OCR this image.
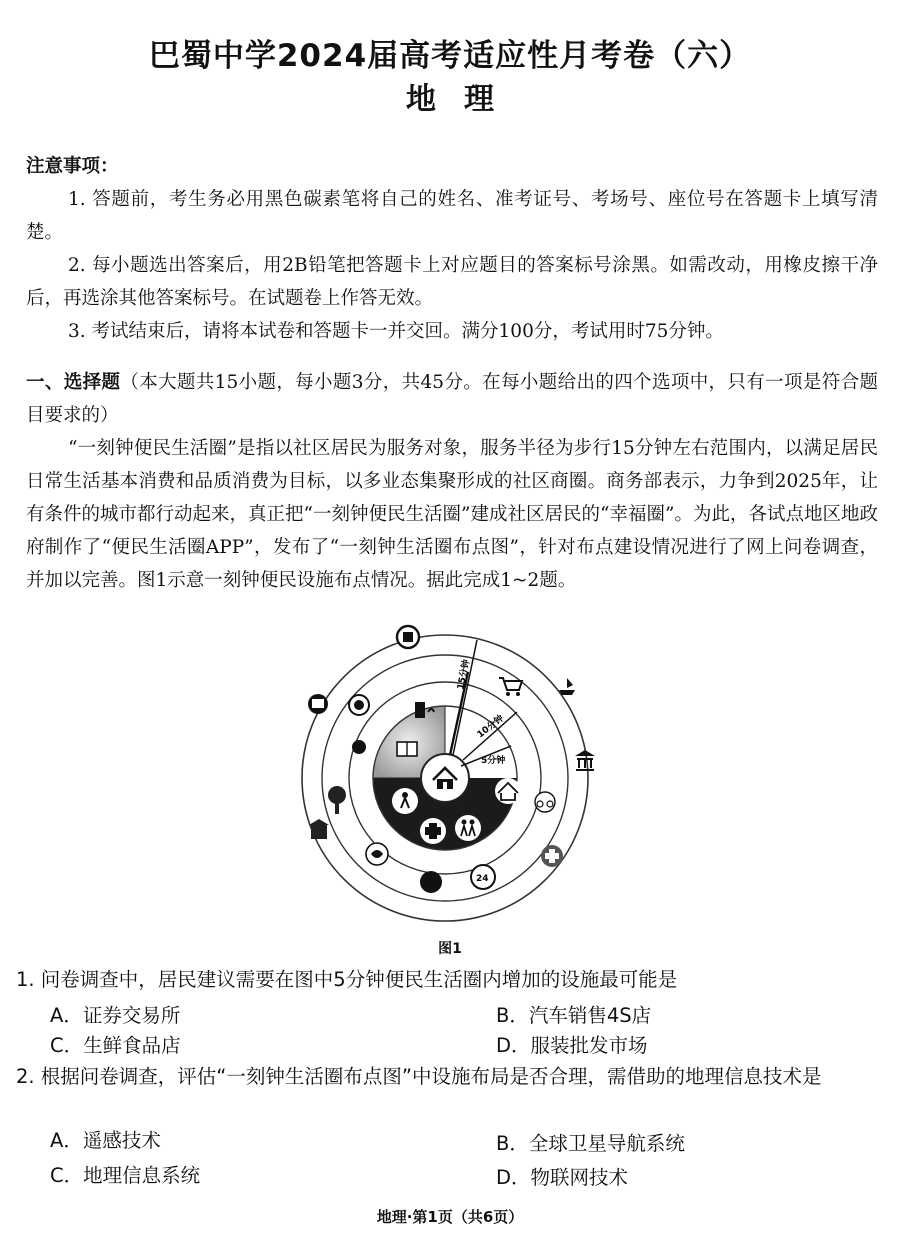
巴蜀中学2024届高考适应性月考卷（六）
地理
注意事项：
1. 答题前，考生务必用黑色碳素笔将自己的姓名、准考证号、考场号、座位号在答题卡上填写清楚。
2. 每小题选出答案后，用2B铅笔把答题卡上对应题目的答案标号涂黑。如需改动，用橡皮擦干净后，再选涂其他答案标号。在试题卷上作答无效。
3. 考试结束后，请将本试卷和答题卡一并交回。满分100分，考试用时75分钟。
一、选择题（本大题共15小题，每小题3分，共45分。在每小题给出的四个选项中，只有一项是符合题目要求的）
“一刻钟便民生活圈”是指以社区居民为服务对象，服务半径为步行15分钟左右范围内，以满足居民日常生活基本消费和品质消费为目标，以多业态集聚形成的社区商圈。商务部表示，力争到2025年，让有条件的城市都行动起来，真正把“一刻钟便民生活圈”建成社区居民的“幸福圈”。为此，各试点地区地政府制作了“便民生活圈APP”，发布了“一刻钟生活圈布点图”，针对布点建设情况进行了网上问卷调查，并加以完善。图1示意一刻钟便民设施布点情况。据此完成1~2题。
5分钟
10分钟
15分钟
24
图1
1. 问卷调查中，居民建议需要在图中5分钟便民生活圈内增加的设施最可能是
A．证券交易所	B．汽车销售4S店
C．生鲜食品店	D．服装批发市场
2. 根据问卷调查，评估“一刻钟生活圈布点图”中设施布局是否合理，需借助的地理信息技术是
A．遥感技术	B．全球卫星导航系统
C．地理信息系统	D．物联网技术
地理·第1页（共6页）
